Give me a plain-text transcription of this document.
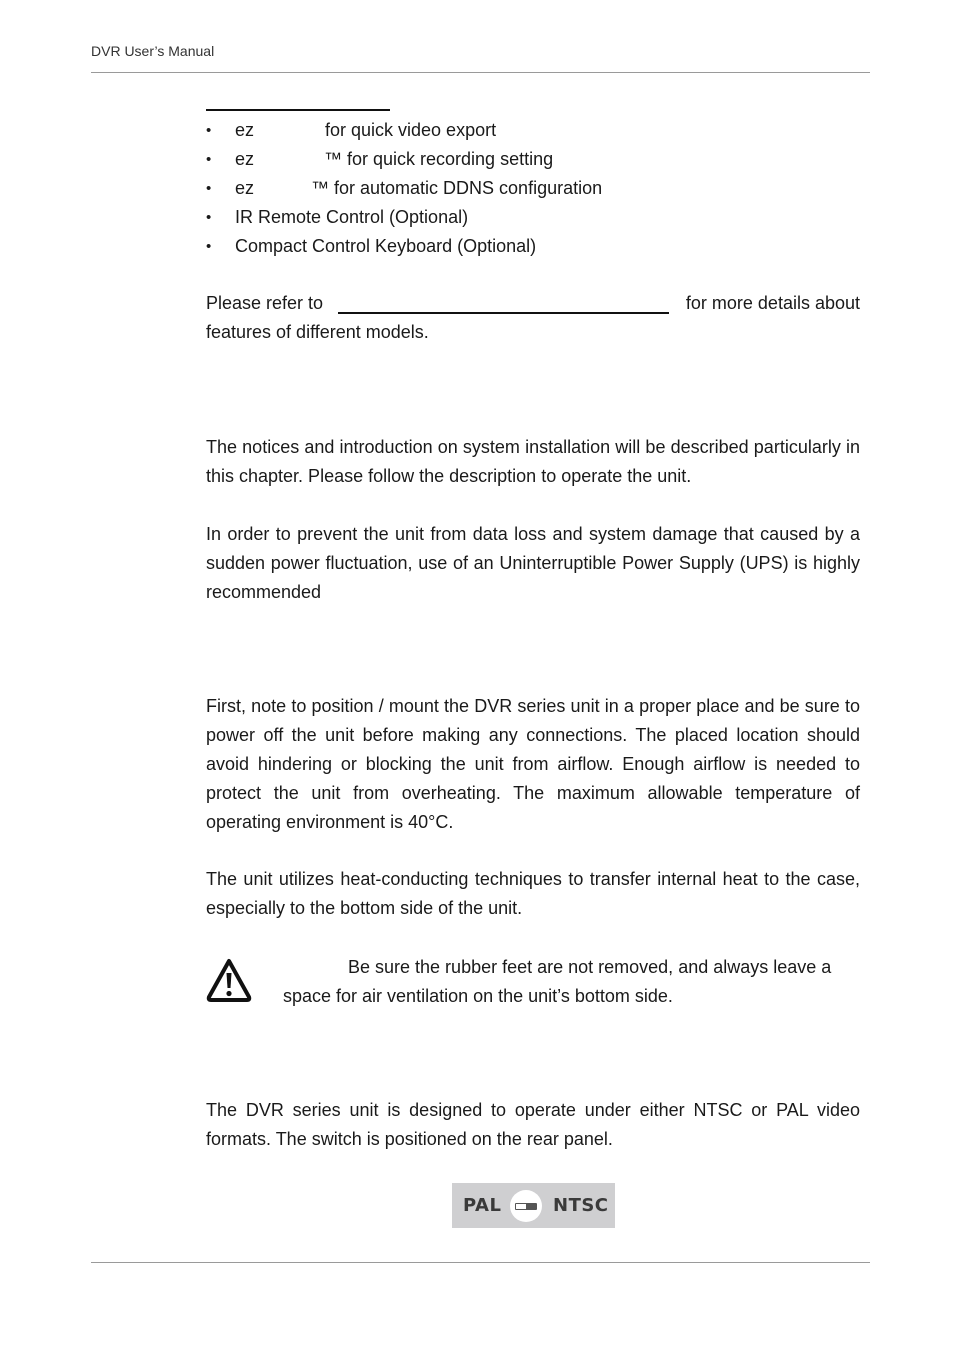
DVR User’s Manual
•	ez	for quick video export
•	ez	™ for quick recording setting
•	ez	™ for automatic DDNS configuration
•	IR Remote Control (Optional)
•	Compact Control Keyboard (Optional)
Please refer to	for more details about
features of different models.

The notices and introduction on system installation will be described particularly in this chapter. Please follow the description to operate the unit.

In order to prevent the unit from data loss and system damage that caused by a sudden power fluctuation, use of an Uninterruptible Power Supply (UPS) is highly recommended

First, note to position / mount the DVR series unit in a proper place and be sure to power off the unit before making any connections. The placed location should avoid hindering or blocking the unit from airflow. Enough airflow is needed to protect the unit from overheating. The maximum allowable temperature of operating environment is 40°C.

The unit utilizes heat-conducting techniques to transfer internal heat to the case, especially to the bottom side of the unit.

Be sure the rubber feet are not removed, and always leave a
space for air ventilation on the unit’s bottom side.

The DVR series unit is designed to operate under either NTSC or PAL video formats. The switch is positioned on the rear panel.

PAL	NTSC
